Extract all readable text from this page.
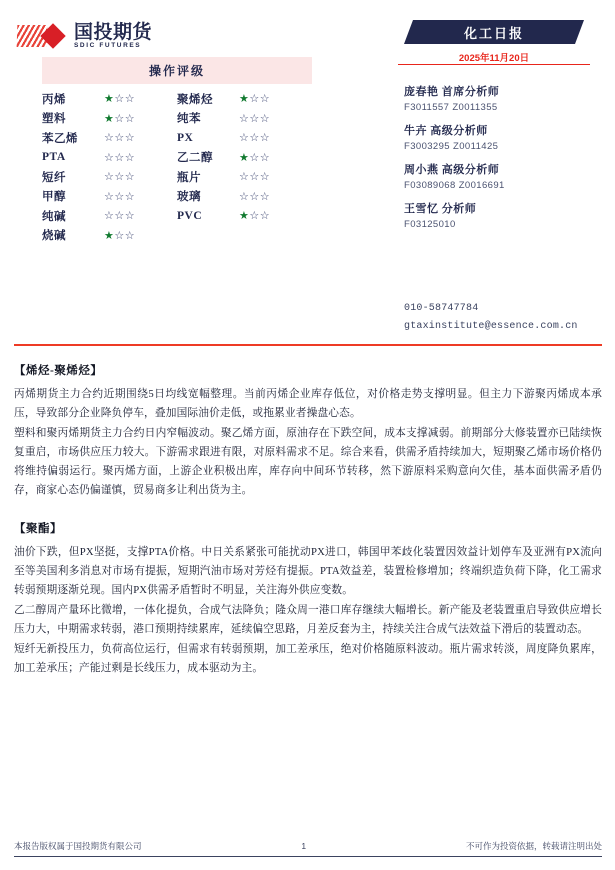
国投期货
SDIC FUTURES
化工日报
2025年11月20日
操作评级
丙烯	★☆☆	聚烯烃	★☆☆
塑料	★☆☆	纯苯	☆☆☆
苯乙烯	☆☆☆	PX	☆☆☆
PTA	☆☆☆	乙二醇	★☆☆
短纤	☆☆☆	瓶片	☆☆☆
甲醇	☆☆☆	玻璃	☆☆☆
纯碱	☆☆☆	PVC	★☆☆
烧碱	★☆☆

庞春艳 首席分析师

F3011557 Z0011355

牛卉 高级分析师

F3003295 Z0011425

周小燕 高级分析师

F03089068 Z0016691

王雪忆 分析师

F03125010

010-58747784

gtaxinstitute@essence.com.cn

【烯烃-聚烯烃】

丙烯期货主力合约近期围绕5日均线宽幅整理。当前丙烯企业库存低位，对价格走势支撑明显。但主力下游聚丙烯成本承压，导致部分企业降负停车，叠加国际油价走低，或拖累业者操盘心态。

塑料和聚丙烯期货主力合约日内窄幅波动。聚乙烯方面，原油存在下跌空间，成本支撑减弱。前期部分大修装置亦已陆续恢复重启，市场供应压力较大。下游需求跟进有限，对原料需求不足。综合来看，供需矛盾持续加大，短期聚乙烯市场价格仍将维持偏弱运行。聚丙烯方面，上游企业积极出库，库存向中间环节转移，然下游原料采购意向欠佳，基本面供需矛盾仍存，商家心态仍偏谨慎，贸易商多让利出货为主。

【聚酯】

油价下跌，但PX坚挺，支撑PTA价格。中日关系紧张可能扰动PX进口，韩国甲苯歧化装置因效益计划停车及亚洲有PX流向至等美国利多消息对市场有提振，短期汽油市场对芳烃有提振。PTA效益差，装置检修增加；终端织造负荷下降，化工需求转弱预期逐渐兑现。国内PX供需矛盾暂时不明显，关注海外供应变数。

乙二醇周产量环比微增，一体化提负，合成气法降负；隆众周一港口库存继续大幅增长。新产能及老装置重启导致供应增长压力大，中期需求转弱，港口预期持续累库，延续偏空思路，月差反套为主，持续关注合成气法效益下滑后的装置动态。

短纤无新投压力，负荷高位运行，但需求有转弱预期，加工差承压，绝对价格随原料波动。瓶片需求转淡，周度降负累库，加工差承压；产能过剩是长线压力，成本驱动为主。

本报告版权属于国投期货有限公司	1	不可作为投资依据，转载请注明出处
